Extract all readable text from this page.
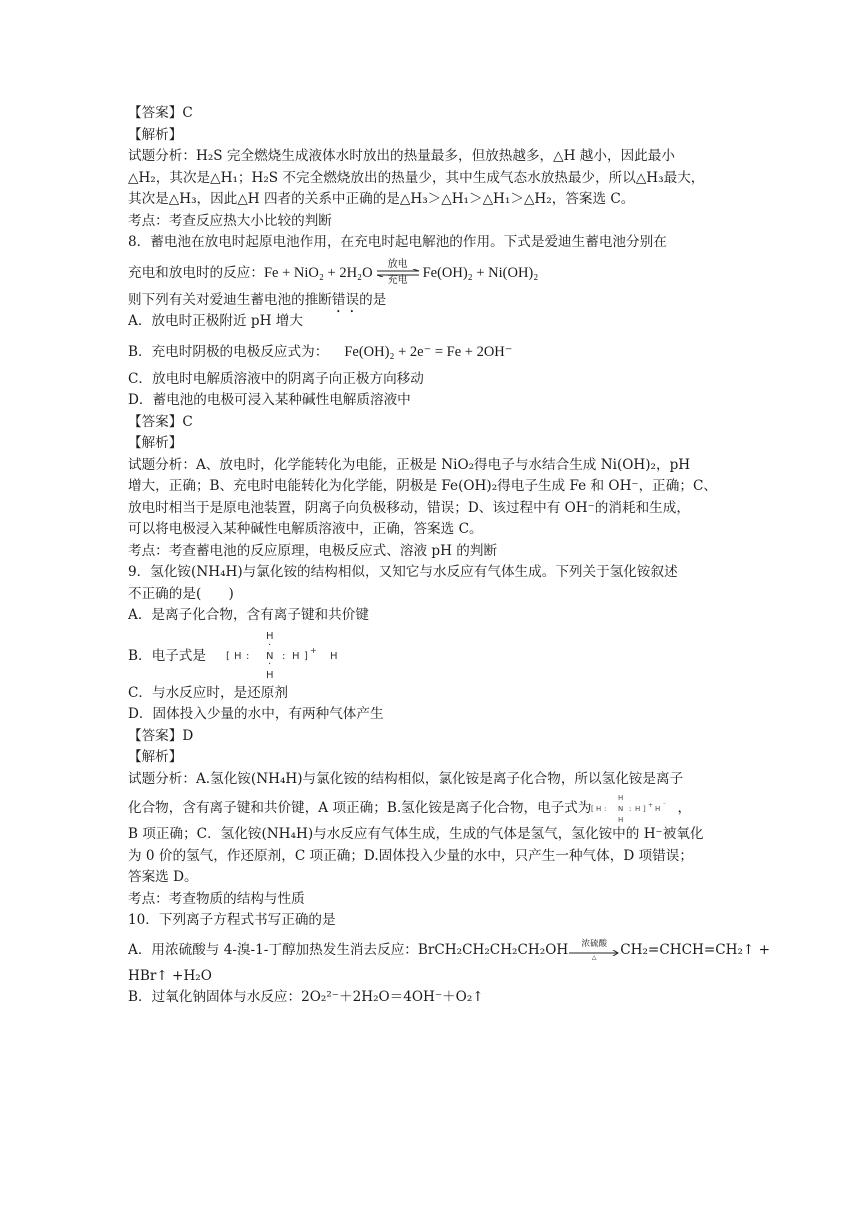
【答案】C
【解析】
试题分析：H₂S 完全燃烧生成液体水时放出的热量最多，但放热越多，△H 越小，因此最小
△H₂，其次是△H₁；H₂S 不完全燃烧放出的热量少，其中生成气态水放热最少，所以△H₃最大，
其次是△H₃，因此△H 四者的关系中正确的是△H₃＞△H₁＞△H₁＞△H₂，答案选 C。
考点：考查反应热大小比较的判断
8．蓄电池在放电时起原电池作用，在充电时起电解池的作用。下式是爱迪生蓄电池分别在
充电和放电时的反应：Fe + NiO₂ + 2H₂O	放电
充电	Fe(OH)₂ + Ni(OH)₂
则下列有关对爱迪生蓄电池的推断错误的是
A．放电时正极附近 pH 增大
B．充电时阴极的电极反应式为： Fe(OH)₂ + 2e⁻ = Fe + 2OH⁻
C．放电时电解质溶液中的阴离子向正极方向移动
D．蓄电池的电极可浸入某种碱性电解质溶液中
【答案】C
【解析】
试题分析：A、放电时，化学能转化为电能，正极是 NiO₂得电子与水结合生成 Ni(OH)₂，pH
增大，正确；B、充电时电能转化为化学能，阴极是 Fe(OH)₂得电子生成 Fe 和 OH⁻，正确；C、
放电时相当于是原电池装置，阴离子向负极移动，错误；D、该过程中有 OH⁻的消耗和生成，
可以将电极浸入某种碱性电解质溶液中，正确，答案选 C。
考点：考查蓄电池的反应原理，电极反应式、溶液 pH 的判断
9．氢化铵(NH₄H)与氯化铵的结构相似，又知它与水反应有气体生成。下列关于氢化铵叙述
不正确的是(　　)
A．是离子化合物，含有离子键和共价键
B．电子式是 [ H :
H
·
N
·
H
: H ]
+
H
C．与水反应时，是还原剂
D．固体投入少量的水中，有两种气体产生
【答案】D
【解析】
试题分析：A.氢化铵(NH₄H)与氯化铵的结构相似，氯化铵是离子化合物，所以氢化铵是离子
化合物，含有离子键和共价键，A 项正确；B.氢化铵是离子化合物，电子式为 [ H :
H
N
H
: H ] + H ⁻ ，
B 项正确；C．氢化铵(NH₄H)与水反应有气体生成，生成的气体是氢气，氢化铵中的 H⁻被氧化
为 0 价的氢气，作还原剂，C 项正确；D.固体投入少量的水中，只产生一种气体，D 项错误；
答案选 D。
考点：考查物质的结构与性质
10．下列离子方程式书写正确的是
A．用浓硫酸与 4-溴-1-丁醇加热发生消去反应：BrCH₂CH₂CH₂CH₂OH	浓硫酸
△	CH₂=CHCH=CH₂↑ +
HBr↑ +H₂O
B．过氧化钠固体与水反应：2O₂²⁻＋2H₂O＝4OH⁻＋O₂↑
